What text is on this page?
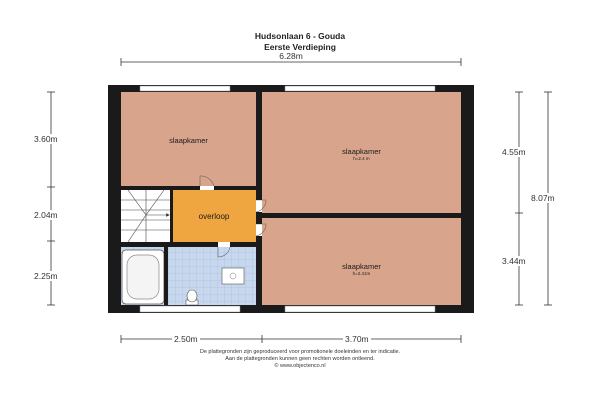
Hudsonlaan 6 - Gouda
Eerste Verdieping
slaapkamer
slaapkamer
h=2.4 m
slaapkamer
h=2.41m
overloop
6.28m
3.60m
2.04m
2.25m
4.55m
3.44m
8.07m
2.50m	3.70m
De plattegronden zijn geproduceerd voor promotionele doeleinden en ter indicatie.
Aan de plattegronden kunnen geen rechten worden ontleend.
© www.objectenco.nl
